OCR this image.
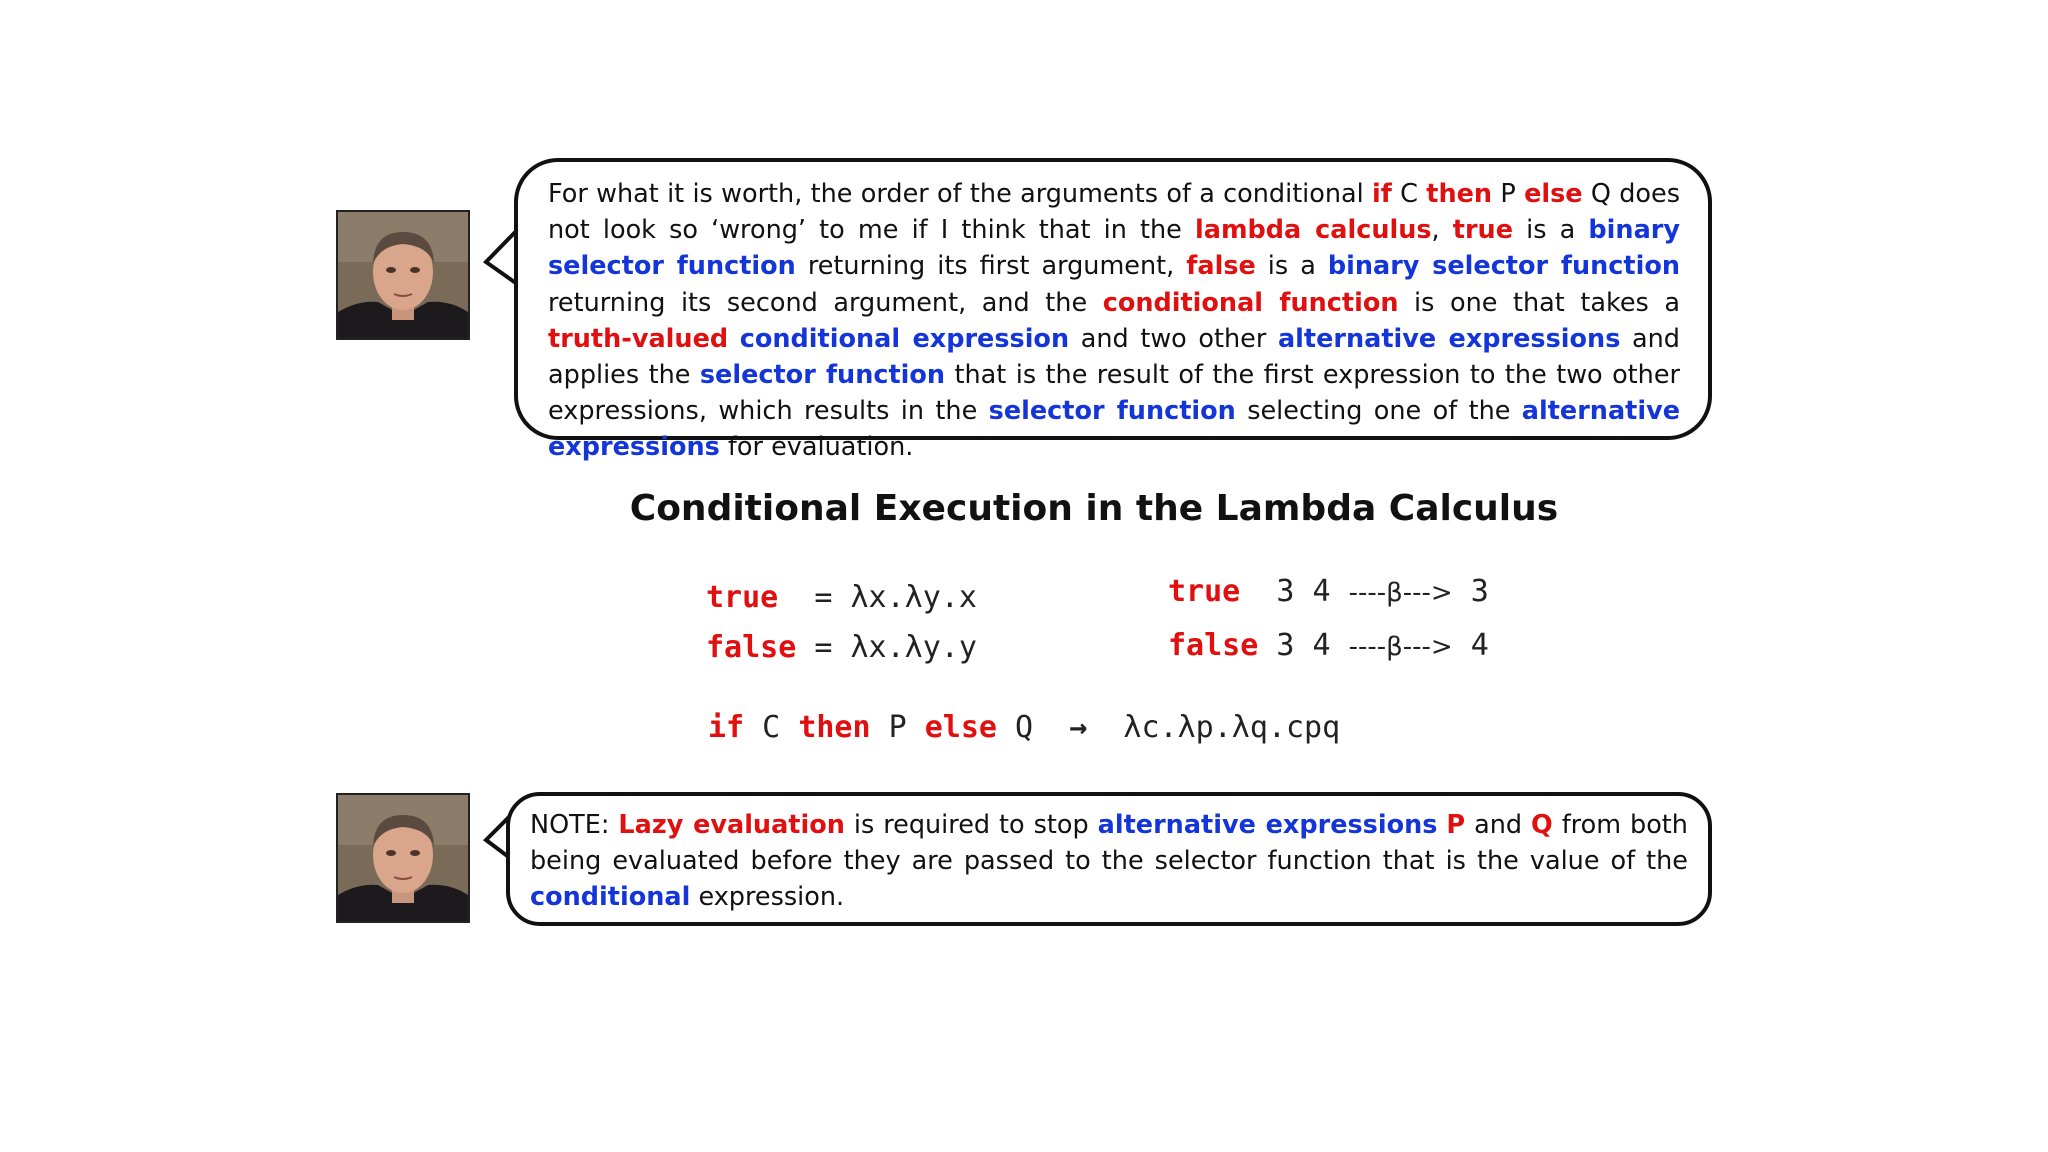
For what it is worth, the order of the arguments of a conditional if C then P else Q does not look so ‘wrong’ to me if I think that in the lambda calculus, true is a binary selector function returning its first argument, false is a binary selector function returning its second argument, and the conditional function is one that takes a truth-valued conditional expression and two other alternative expressions and applies the selector function that is the result of the first expression to the two other expressions, which results in the selector function selecting one of the alternative expressions for evaluation.
Conditional Execution in the Lambda Calculus
true  = λx.λy.x
false = λx.λy.y
true  3 4 ----β---> 3
false 3 4 ----β---> 4
if C then P else Q  →  λc.λp.λq.cpq
NOTE: Lazy evaluation is required to stop alternative expressions P and Q from both being evaluated before they are passed to the selector function that is the value of the conditional expression.
